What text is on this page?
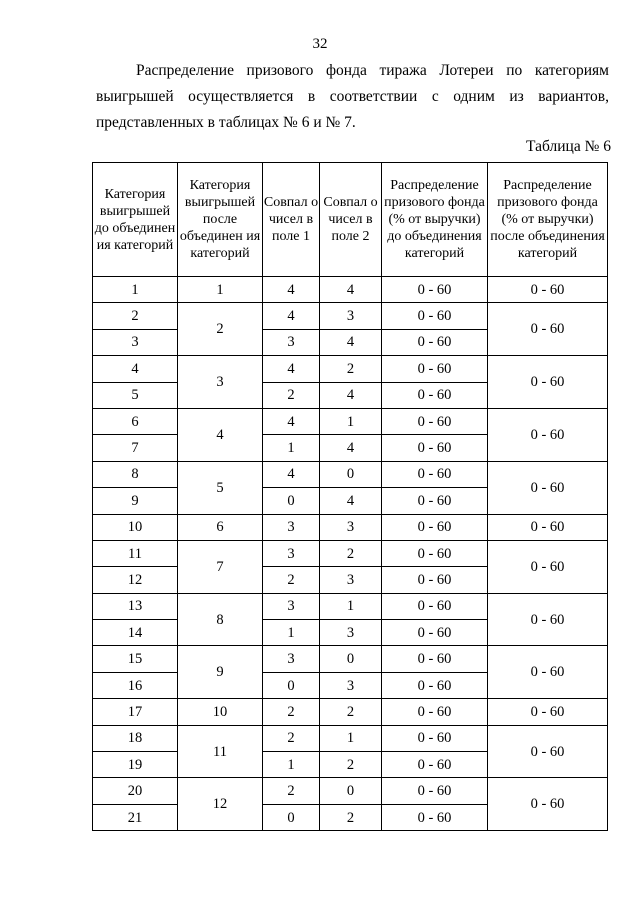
32
Распределение призового фонда тиража Лотереи по категориям
выигрышей осуществляется в соответствии с одним из вариантов,
представленных в таблицах № 6 и № 7.
Таблица № 6
Категория выигрышей до объединен ия категорий	Категория выигрышей после объединен ия категорий	Совпал о чисел в поле 1	Совпал о чисел в поле 2	Распределение призового фонда (% от выручки) до объединения категорий	Распределение призового фонда (% от выручки) после объединения категорий
1	1	4	4	0 - 60	0 - 60
2	2	4	3	0 - 60	0 - 60
3		3	4	0 - 60	
4	3	4	2	0 - 60	0 - 60
5		2	4	0 - 60	
6	4	4	1	0 - 60	0 - 60
7		1	4	0 - 60	
8	5	4	0	0 - 60	0 - 60
9		0	4	0 - 60	
10	6	3	3	0 - 60	0 - 60
11	7	3	2	0 - 60	0 - 60
12		2	3	0 - 60	
13	8	3	1	0 - 60	0 - 60
14		1	3	0 - 60	
15	9	3	0	0 - 60	0 - 60
16		0	3	0 - 60	
17	10	2	2	0 - 60	0 - 60
18	11	2	1	0 - 60	0 - 60
19		1	2	0 - 60	
20	12	2	0	0 - 60	0 - 60
21		0	2	0 - 60	
